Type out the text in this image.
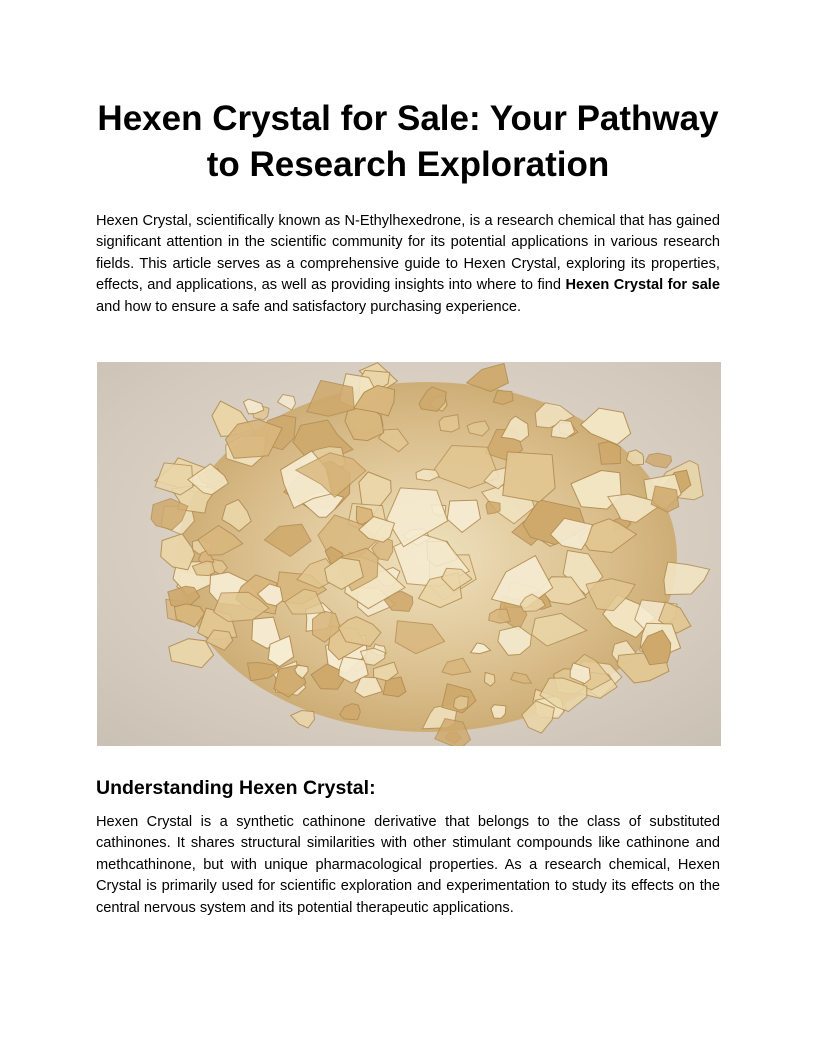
Hexen Crystal for Sale: Your Pathway to Research Exploration

Hexen Crystal, scientifically known as N-Ethylhexedrone, is a research chemical that has gained significant attention in the scientific community for its potential applications in various research fields. This article serves as a comprehensive guide to Hexen Crystal, exploring its properties, effects, and applications, as well as providing insights into where to find Hexen Crystal for sale and how to ensure a safe and satisfactory purchasing experience.

Understanding Hexen Crystal:

Hexen Crystal is a synthetic cathinone derivative that belongs to the class of substituted cathinones. It shares structural similarities with other stimulant compounds like cathinone and methcathinone, but with unique pharmacological properties. As a research chemical, Hexen Crystal is primarily used for scientific exploration and experimentation to study its effects on the central nervous system and its potential therapeutic applications.
